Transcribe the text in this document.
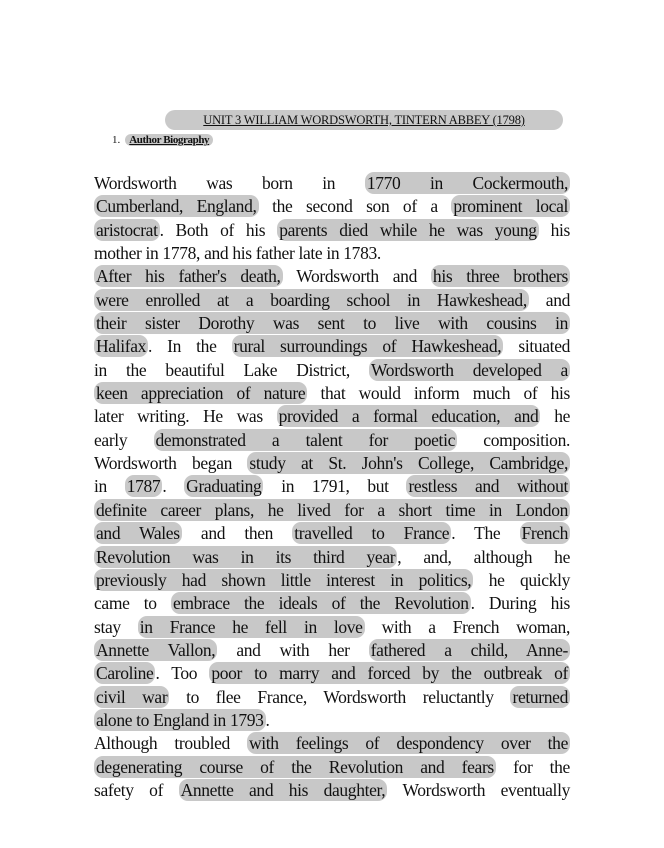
UNIT 3 WILLIAM WORDSWORTH, TINTERN ABBEY (1798)
1. Author Biography
Wordsworth was born in 1770 in Cockermouth,
Cumberland, England, the second son of a prominent local
aristocrat . Both of his parents died while he was young his
mother in 1778, and his father late in 1783.
After his father's death, Wordsworth and his three brothers
were enrolled at a boarding school in Hawkeshead, and
their sister Dorothy was sent to live with cousins in
Halifax . In the rural surroundings of Hawkeshead, situated
in the beautiful Lake District, Wordsworth developed a
keen appreciation of nature that would inform much of his
later writing. He was provided a formal education, and he
early demonstrated a talent for poetic composition.
Wordsworth began study at St. John's College, Cambridge,
in 1787 . Graduating in 1791, but restless and without
definite career plans, he lived for a short time in London
and Wales and then travelled to France . The French
Revolution was in its third year , and, although he
previously had shown little interest in politics, he quickly
came to embrace the ideals of the Revolution . During his
stay in France he fell in love with a French woman,
Annette Vallon, and with her fathered a child, Anne-
Caroline . Too poor to marry and forced by the outbreak of
civil war to flee France, Wordsworth reluctantly returned
alone to England in 1793 .
Although troubled with feelings of despondency over the
degenerating course of the Revolution and fears for the
safety of Annette and his daughter, Wordsworth eventually
